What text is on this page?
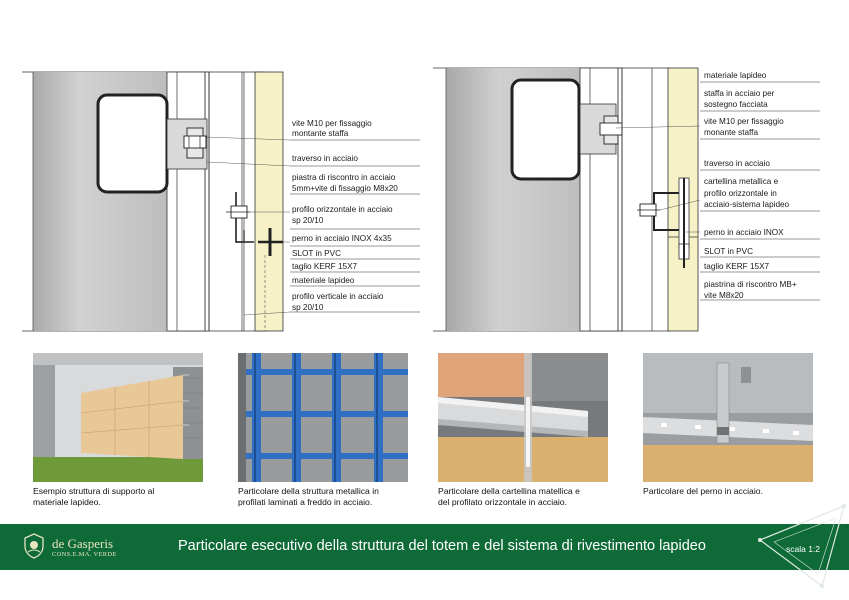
vite M10 per fissaggio
montante staffa
traverso in acciaio
piastra di riscontro in acciaio
5mm+vite di fissaggio M8x20
profilo orizzontale in acciaio
sp 20/10
perno in acciaio INOX 4x35
SLOT in PVC
taglio KERF 15X7
materiale lapideo
profilo verticale in acciaio
sp 20/10
materiale lapideo
staffa in acciaio per
sostegno facciata
vite M10 per fissaggio
monante staffa
traverso in acciaio
cartellina metallica e
profilo orizzontale in
acciaio-sistema lapideo
perno in acciaio INOX
SLOT in PVC
taglio KERF 15X7
piastrina di riscontro MB+
vite M8x20
Esempio struttura di supporto al
materiale lapideo.
Particolare della struttura metallica in
profilati laminati a freddo in acciaio.
Particolare della cartellina matellica e
del profilato orizzontale in acciaio.
Particolare del perno in acciaio.
de Gasperis
CONS.E.MA. VERDE
Particolare esecutivo della struttura del totem e del sistema di rivestimento lapideo	scala 1:2
